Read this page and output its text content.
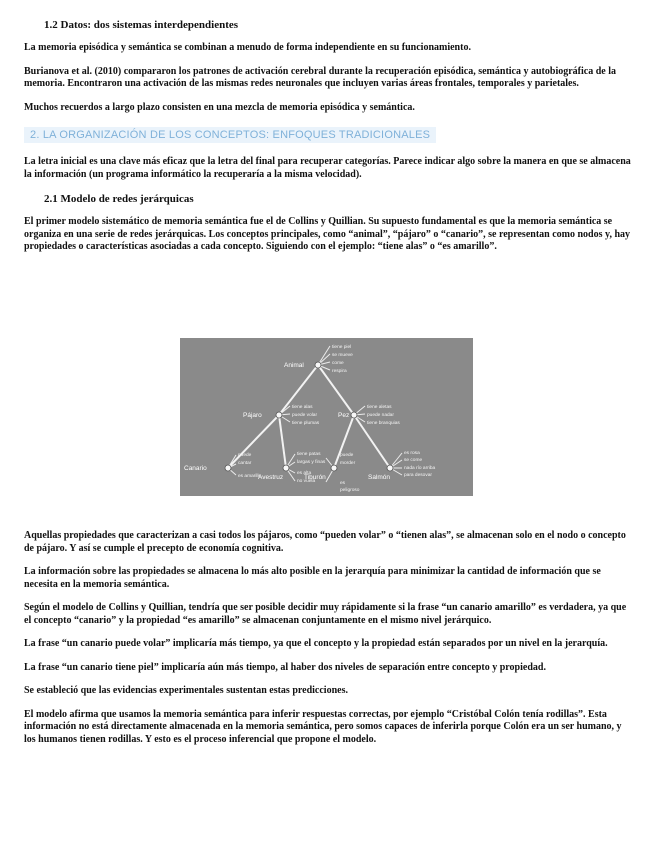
1.2 Datos: dos sistemas interdependientes

La memoria episódica y semántica se combinan a menudo de forma independiente en su funcionamiento.

Burianova et al. (2010) compararon los patrones de activación cerebral durante la recuperación episódica, semántica y autobiográfica de la memoria. Encontraron una activación de las mismas redes neuronales que incluyen varias áreas frontales, temporales y parietales.

Muchos recuerdos a largo plazo consisten en una mezcla de memoria episódica y semántica.

2. LA ORGANIZACIÓN DE LOS CONCEPTOS: ENFOQUES TRADICIONALES

La letra inicial es una clave más eficaz que la letra del final para recuperar categorías. Parece indicar algo sobre la manera en que se almacena la información (un programa informático la recuperaría a la misma velocidad).

2.1 Modelo de redes jerárquicas

El primer modelo sistemático de memoria semántica fue el de Collins y Quillian. Su supuesto fundamental es que la memoria semántica se organiza en una serie de redes jerárquicas. Los conceptos principales, como “animal”, “pájaro” o “canario”, se representan como nodos y, hay propiedades o características asociadas a cada concepto. Siguiendo con el ejemplo: “tiene alas” o “es amarillo”.

Animal
Pájaro	Pez
Canario
Avestruz	Tiburón	Salmón
tiene piel
se mueve
come
respira
tiene alas
puede volar
tiene plumas
tiene aletas
puede nadar
tiene branquias
puede
cantar
es amarillo
tiene patas
largas y finas
es alta
no vuela
puede
morder
es
peligroso
es rosa
se come
nada río arriba
para desovar

Aquellas propiedades que caracterizan a casi todos los pájaros, como “pueden volar” o “tienen alas”, se almacenan solo en el nodo o concepto de pájaro. Y así se cumple el precepto de economía cognitiva.

La información sobre las propiedades se almacena lo más alto posible en la jerarquía para minimizar la cantidad de información que se necesita en la memoria semántica.

Según el modelo de Collins y Quillian, tendría que ser posible decidir muy rápidamente si la frase “un canario amarillo” es verdadera, ya que el concepto “canario” y la propiedad “es amarillo” se almacenan conjuntamente en el mismo nivel jerárquico.

La frase “un canario puede volar” implicaría más tiempo, ya que el concepto y la propiedad están separados por un nivel en la jerarquía.

La frase “un canario tiene piel” implicaría aún más tiempo, al haber dos niveles de separación entre concepto y propiedad.

Se estableció que las evidencias experimentales sustentan estas predicciones.

El modelo afirma que usamos la memoria semántica para inferir respuestas correctas, por ejemplo “Cristóbal Colón tenía rodillas”. Esta información no está directamente almacenada en la memoria semántica, pero somos capaces de inferirla porque Colón era un ser humano, y los humanos tienen rodillas. Y esto es el proceso inferencial que propone el modelo.
